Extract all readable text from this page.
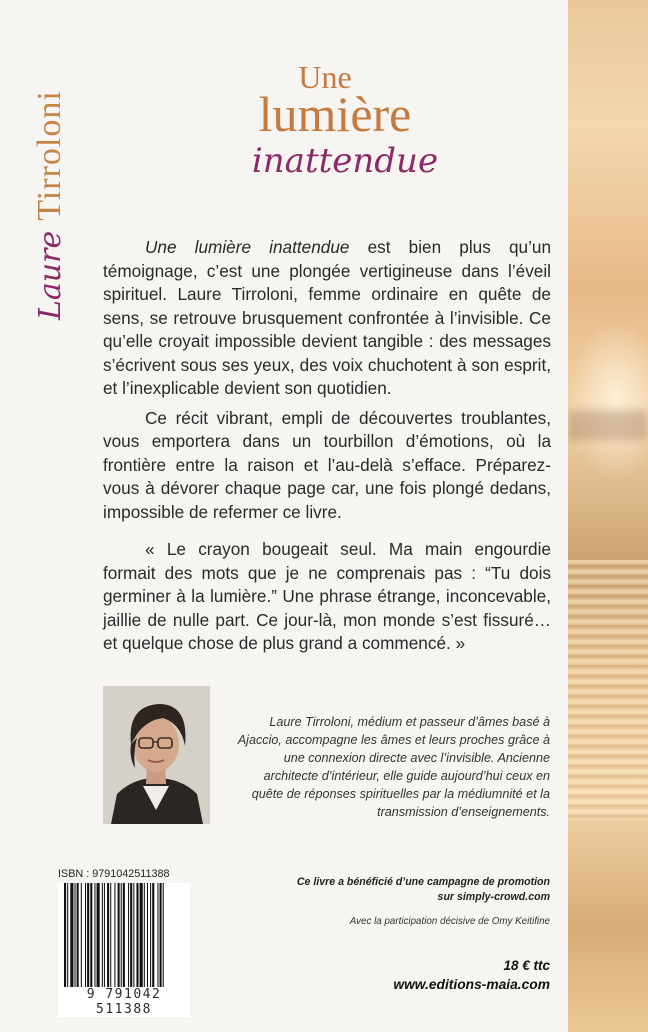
Laure
Tirroloni
Une
lumière
inattendue

Une lumière inattendue est bien plus qu’un témoignage, c’est une plongée vertigineuse dans l’éveil spirituel. Laure Tirroloni, femme ordinaire en quête de sens, se retrouve brusquement confrontée à l’invisible. Ce qu’elle croyait impossible devient tangible : des messages s’écrivent sous ses yeux, des voix chuchotent à son esprit, et l’inexplicable devient son quotidien.

Ce récit vibrant, empli de découvertes troublantes, vous emportera dans un tourbillon d’émotions, où la frontière entre la raison et l’au-delà s’efface. Préparez-vous à dévorer chaque page car, une fois plongé dedans, impossible de refermer ce livre.

« Le crayon bougeait seul. Ma main engourdie formait des mots que je ne comprenais pas : “Tu dois germiner à la lumière.” Une phrase étrange, inconcevable, jaillie de nulle part. Ce jour-là, mon monde s’est fissuré… et quelque chose de plus grand a commencé. »

Laure Tirroloni, médium et passeur d’âmes basé à Ajaccio, accompagne les âmes et leurs proches grâce à une connexion directe avec l’invisible. Ancienne architecte d’intérieur, elle guide aujourd’hui ceux en quête de réponses spirituelles par la médiumnité et la transmission d’enseignements.
ISBN : 9791042511388
9 791042 511388
Ce livre a bénéficié d’une campagne de promotion
sur simply-crowd.com
Avec la participation décisive de Omy Keitifine
18 € ttc
www.editions-maia.com
